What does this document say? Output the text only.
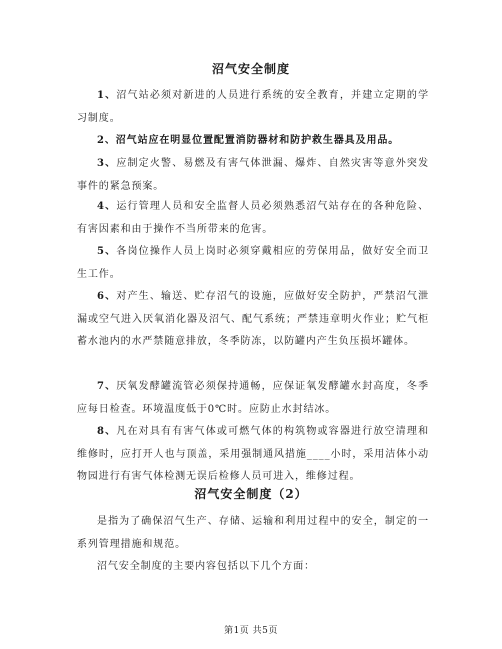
沼气安全制度
1、沼气站必须对新进的人员进行系统的安全教育，并建立定期的学习制度。
2、沼气站应在明显位置配置消防器材和防护救生器具及用品。
3、应制定火警、易燃及有害气体泄漏、爆炸、自然灾害等意外突发事件的紧急预案。
4、运行管理人员和安全监督人员必须熟悉沼气站存在的各种危险、有害因素和由于操作不当所带来的危害。
5、各岗位操作人员上岗时必须穿戴相应的劳保用品，做好安全而卫生工作。
6、对产生、输送、贮存沼气的设施，应做好安全防护，严禁沼气泄漏或空气进入厌氧消化器及沼气、配气系统；严禁违章明火作业；贮气柜蓄水池内的水严禁随意排放，冬季防冻，以防罐内产生负压损坏罐体。
7、厌氧发酵罐流管必须保持通畅，应保证氧发酵罐水封高度，冬季应每日检查。环境温度低于0℃时。应防止水封结冰。
8、凡在对具有有害气体或可燃气体的构筑物或容器进行放空清理和维修时，应打开人也与顶盖，采用强制通风措施____小时，采用洁体小动物园进行有害气体检测无误后检修人员可进入，维修过程。
沼气安全制度（2）
是指为了确保沼气生产、存储、运输和利用过程中的安全，制定的一系列管理措施和规范。
沼气安全制度的主要内容包括以下几个方面：
第1页 共5页
